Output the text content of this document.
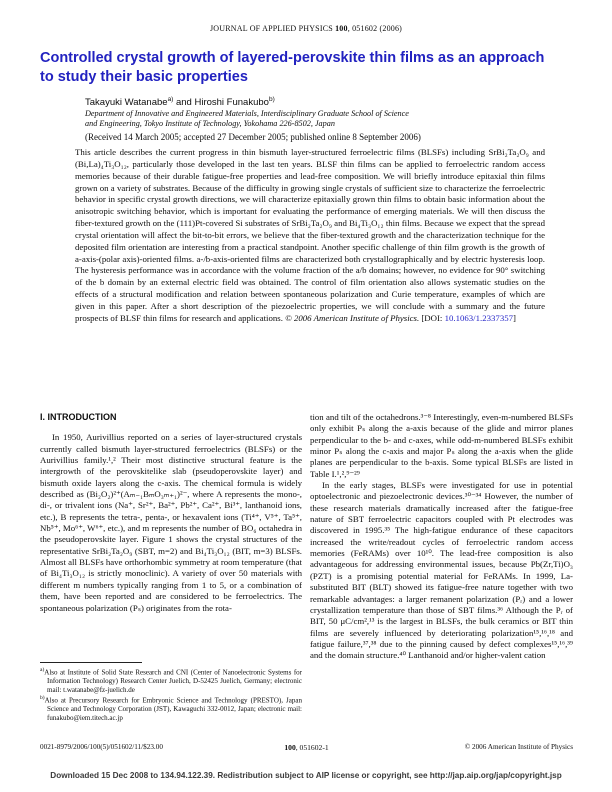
JOURNAL OF APPLIED PHYSICS 100, 051602 (2006)
Controlled crystal growth of layered-perovskite thin films as an approach
to study their basic properties
Takayuki Watanabe$^{a)}$ and Hiroshi Funakubo$^{b)}$
Department of Innovative and Engineered Materials, Interdisciplinary Graduate School of Science
and Engineering, Tokyo Institute of Technology, Yokohama 226-8502, Japan
(Received 14 March 2005; accepted 27 December 2005; published online 8 September 2006)
This article describes the current progress in thin bismuth layer-structured ferroelectric films (BLSFs) including SrBi₂Ta₂O₉ and (Bi,La)₄Ti₃O₁₂, particularly those developed in the last ten years. BLSF thin films can be applied to ferroelectric random access memories because of their durable fatigue-free properties and lead-free composition. We will briefly introduce epitaxial thin films grown on a variety of substrates. Because of the difficulty in growing single crystals of sufficient size to characterize the ferroelectric behavior in specific crystal growth directions, we will characterize epitaxially grown thin films to obtain basic information about the anisotropic switching behavior, which is important for evaluating the performance of emerging materials. We will then discuss the fiber-textured growth on the (111)Pt-covered Si substrates of SrBi₂Ta₂O₉ and Bi₄Ti₃O₁₂ thin films. Because we expect that the spread crystal orientation will affect the bit-to-bit errors, we believe that the fiber-textured growth and the characterization technique for the deposited film orientation are interesting from a practical standpoint. Another specific challenge of thin film growth is the growth of a-axis-(polar axis)-oriented films. a-/b-axis-oriented films are characterized both crystallographically and by electric hysteresis loop. The hysteresis performance was in accordance with the volume fraction of the a/b domains; however, no evidence for 90° switching of the b domain by an external electric field was obtained. The control of film orientation also allows systematic studies on the effects of a structural modification and relation between spontaneous polarization and Curie temperature, examples of which are given in this paper. After a short description of the piezoelectric properties, we will conclude with a summary and the future prospects of BLSF thin films for research and applications. © 2006 American Institute of Physics. [DOI: 10.1063/1.2337357]
I. INTRODUCTION

In 1950, Aurivillius reported on a series of layer-structured crystals currently called bismuth layer-structured ferroelectrics (BLSFs) or the Aurivillius family.¹,² Their most distinctive structural feature is the intergrowth of the perovskitelike slab (pseudoperovskite layer) and bismuth oxide layers along the c-axis. The chemical formula is widely described as (Bi₂O₂)²⁺(Aₘ₋₁BₘO₃ₘ₊₁)²⁻, where A represents the mono-, di-, or trivalent ions (Na⁺, Sr²⁺, Ba²⁺, Pb²⁺, Ca²⁺, Bi³⁺, lanthanoid ions, etc.), B represents the tetra-, penta-, or hexavalent ions (Ti⁴⁺, V⁵⁺, Ta⁵⁺, Nb⁵⁺, Mo⁶⁺, W⁶⁺, etc.), and m represents the number of BO₆ octahedra in the pseudoperovskite layer. Figure 1 shows the crystal structures of the representative SrBi₂Ta₂O₉ (SBT, m=2) and Bi₄Ti₃O₁₂ (BIT, m=3) BLSFs. Almost all BLSFs have orthorhombic symmetry at room temperature (that of Bi₄Ti₃O₁₂ is strictly monoclinic). A variety of over 50 materials with different m numbers typically ranging from 1 to 5, or a combination of them, have been reported and are considered to be ferroelectrics. The spontaneous polarization (Pₛ) originates from the rota-

tion and tilt of the octahedrons.³⁻⁸ Interestingly, even-m-numbered BLSFs only exhibit Pₛ along the a-axis because of the glide and mirror planes perpendicular to the b- and c-axes, while odd-m-numbered BLSFs exhibit minor Pₛ along the c-axis and major Pₛ along the a-axis when the glide planes are perpendicular to the b-axis. Some typical BLSFs are listed in Table I.¹,²,⁹⁻²⁹

In the early stages, BLSFs were investigated for use in potential optoelectronic and piezoelectronic devices.³⁰⁻³⁴ However, the number of these research materials dramatically increased after the fatigue-free nature of SBT ferroelectric capacitors coupled with Pt electrodes was discovered in 1995.³⁵ The high-fatigue endurance of these capacitors increased the write/readout cycles of ferroelectric random access memories (FeRAMs) over 10¹⁰. The lead-free composition is also advantageous for addressing environmental issues, because Pb(Zr,Ti)O₃ (PZT) is a promising potential material for FeRAMs. In 1999, La-substituted BIT (BLT) showed its fatigue-free nature together with two remarkable advantages: a larger remanent polarization (Pᵣ) and a lower crystallization temperature than those of SBT films.³⁶ Although the Pᵣ of BIT, 50 μC/cm²,¹³ is the largest in BLSFs, the bulk ceramics or BIT thin films are severely influenced by deteriorating polarization¹⁵,¹⁶,¹⁸ and fatigue failure,³⁷,³⁸ due to the pinning caused by defect complexes¹⁵,¹⁶,³⁹ and the domain structure.⁴⁰ Lanthanoid and/or higher-valent cation

$^{a)}$Also at Institute of Solid State Research and CNI (Center of Nanoelectronic Systems for Information Technology) Research Center Juelich, D-52425 Juelich, Germany; electronic mail: t.watanabe@fz-juelich.de
$^{b)}$Also at Precursory Research for Embryonic Science and Technology (PRESTO), Japan Science and Technology Corporation (JST), Kawaguchi 332-0012, Japan; electronic mail: funakubo@iem.titech.ac.jp
100, 051602-1
0021-8979/2006/100(5)/051602/11/$23.00	© 2006 American Institute of Physics
Downloaded 15 Dec 2008 to 134.94.122.39. Redistribution subject to AIP license or copyright, see http://jap.aip.org/jap/copyright.jsp
